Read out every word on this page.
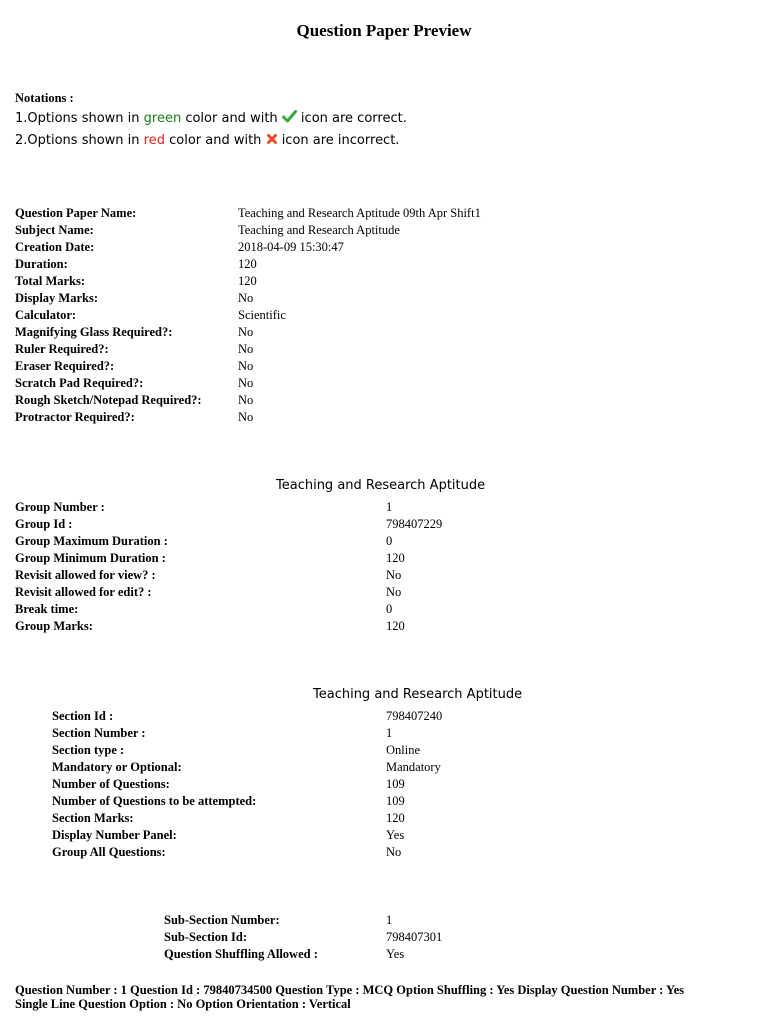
Question Paper Preview
Notations :
1.Options shown in green color and with  icon are correct.
2.Options shown in red color and with  icon are incorrect.
Question Paper Name:	Teaching and Research Aptitude 09th Apr Shift1
Subject Name:	Teaching and Research Aptitude
Creation Date:	2018-04-09 15:30:47
Duration:	120
Total Marks:	120
Display Marks:	No
Calculator:	Scientific
Magnifying Glass Required?:	No
Ruler Required?:	No
Eraser Required?:	No
Scratch Pad Required?:	No
Rough Sketch/Notepad Required?:	No
Protractor Required?:	No
Teaching and Research Aptitude
Group Number :	1
Group Id :	798407229
Group Maximum Duration :	0
Group Minimum Duration :	120
Revisit allowed for view? :	No
Revisit allowed for edit? :	No
Break time:	0
Group Marks:	120
Teaching and Research Aptitude
Section Id :	798407240
Section Number :	1
Section type :	Online
Mandatory or Optional:	Mandatory
Number of Questions:	109
Number of Questions to be attempted:	109
Section Marks:	120
Display Number Panel:	Yes
Group All Questions:	No
Sub-Section Number:	1
Sub-Section Id:	798407301
Question Shuffling Allowed :	Yes
Question Number : 1 Question Id : 79840734500 Question Type : MCQ Option Shuffling : Yes Display Question Number : Yes
Single Line Question Option : No Option Orientation : Vertical
